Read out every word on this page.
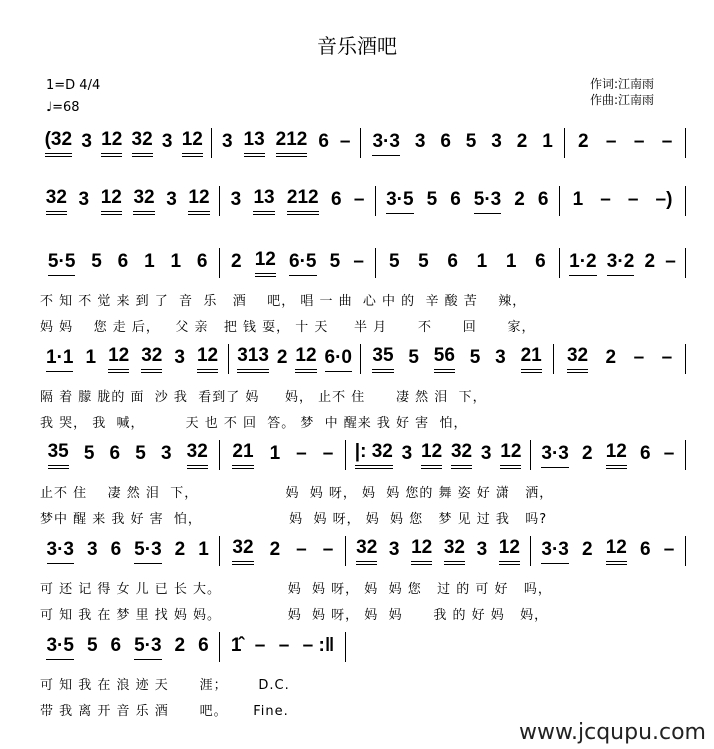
音乐酒吧
1=D 4/4
♩=68
作词:江南雨
作曲:江南雨
(32 3 12 32 3 12 3 13 212 6 – 3·3 3 6 5 3 2 1 2 – – –
32 3 12 32 3 12 3 13 212 6 – 3·5 5 6 5·3 2 6 1 – – –)
5·5 5 6 1 1 6 2 12 6·5 5 – 5 5 6 1 1 6 1·2 3·2 2 –
1·1 1 12 32 3 12 313 2 12 6·0 35 5 56 5 3 21 32 2 – –
35 5 6 5 3 32 21 1 – – |: 32 3 12 32 3 12 3·3 2 12 6 –
3·3 3 6 5·3 2 1 32 2 – – 32 3 12 32 3 12 3·3 2 12 6 –
3·5 5 6 5·3 2 6 1̂ – – – :‖
不 知 不 觉 来 到 了  音  乐   酒    吧， 唱 一 曲  心 中 的  辛 酸 苦    辣，
妈 妈    您 走 后，   父 亲   把 钱 耍， 十 天     半 月      不      回      家，
隔 着 朦 胧的 面  沙 我  看到了 妈     妈， 止不 住      凄 然 泪  下，
我 哭， 我  喊，        天 也 不 回  答。 梦  中 醒来 我 好 害  怕，
止不 住    凄 然 泪  下，                 妈  妈 呀， 妈  妈 您的 舞 姿 好 潇   洒，
梦中 醒 来 我 好 害  怕，                 妈  妈 呀， 妈  妈 您   梦 见 过 我   吗?
可 还 记 得 女 儿 已 长 大。             妈  妈 呀， 妈  妈 您   过 的 可 好   吗，
可 知 我 在 梦 里 找 妈 妈。             妈  妈 呀， 妈  妈      我 的 好 妈   妈，
可 知 我 在 浪 迹 天      涯；      D.C.
带 我 离 开 音 乐 酒      吧。     Fine.
www.jcqupu.com
